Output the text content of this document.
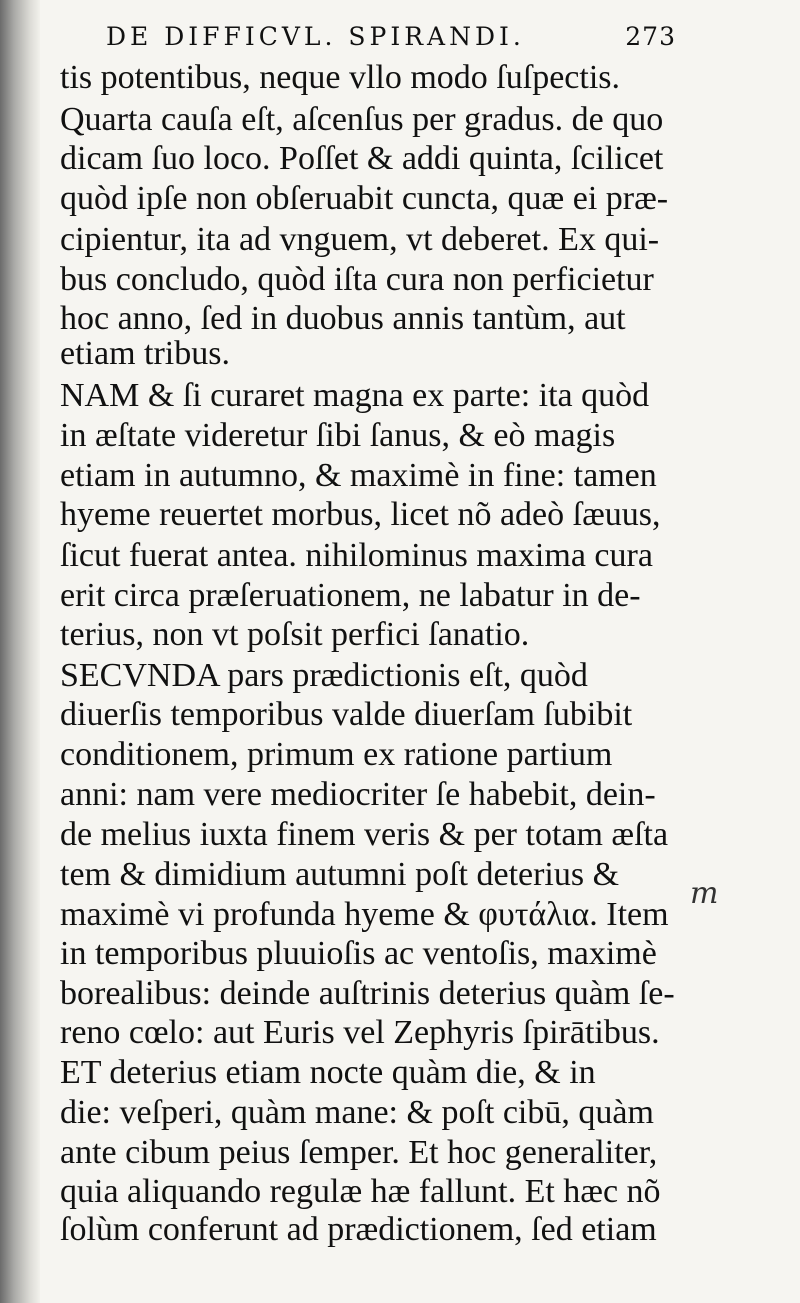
DE DIFFICVL. SPIRANDI.	273
tis potentibus, neque vllo modo ſuſpectis.
Quarta cauſa eſt, aſcenſus per gradus. de quo
dicam ſuo loco. Poſſet & addi quinta, ſcilicet
quòd ipſe non obſeruabit cuncta, quæ ei præ-
cipientur, ita ad vnguem, vt deberet. Ex qui-
bus concludo, quòd iſta cura non perficietur
hoc anno, ſed in duobus annis tantùm, aut
etiam tribus.
NAM & ſi curaret magna ex parte: ita quòd
in æſtate videretur ſibi ſanus, & eò magis
etiam in autumno, & maximè in fine: tamen
hyeme reuertet morbus, licet nõ adeò ſæuus,
ſicut fuerat antea. nihilominus maxima cura
erit circa præſeruationem, ne labatur in de-
terius, non vt poſsit perfici ſanatio.
SECVNDA pars prædictionis eſt, quòd
diuerſis temporibus valde diuerſam ſubibit
conditionem, primum ex ratione partium
anni: nam vere mediocriter ſe habebit, dein-
de melius iuxta finem veris & per totam æſta
tem & dimidium autumni poſt deterius &
maximè vi profunda hyeme & φυτάλια. Item
in temporibus pluuioſis ac ventoſis, maximè
borealibus: deinde auſtrinis deterius quàm ſe-
reno cœlo: aut Euris vel Zephyris ſpirātibus.
ET deterius etiam nocte quàm die, & in
die: veſperi, quàm mane: & poſt cibū, quàm
ante cibum peius ſemper. Et hoc generaliter,
quia aliquando regulæ hæ fallunt. Et hæc nõ
ſolùm conferunt ad prædictionem, ſed etiam
m
